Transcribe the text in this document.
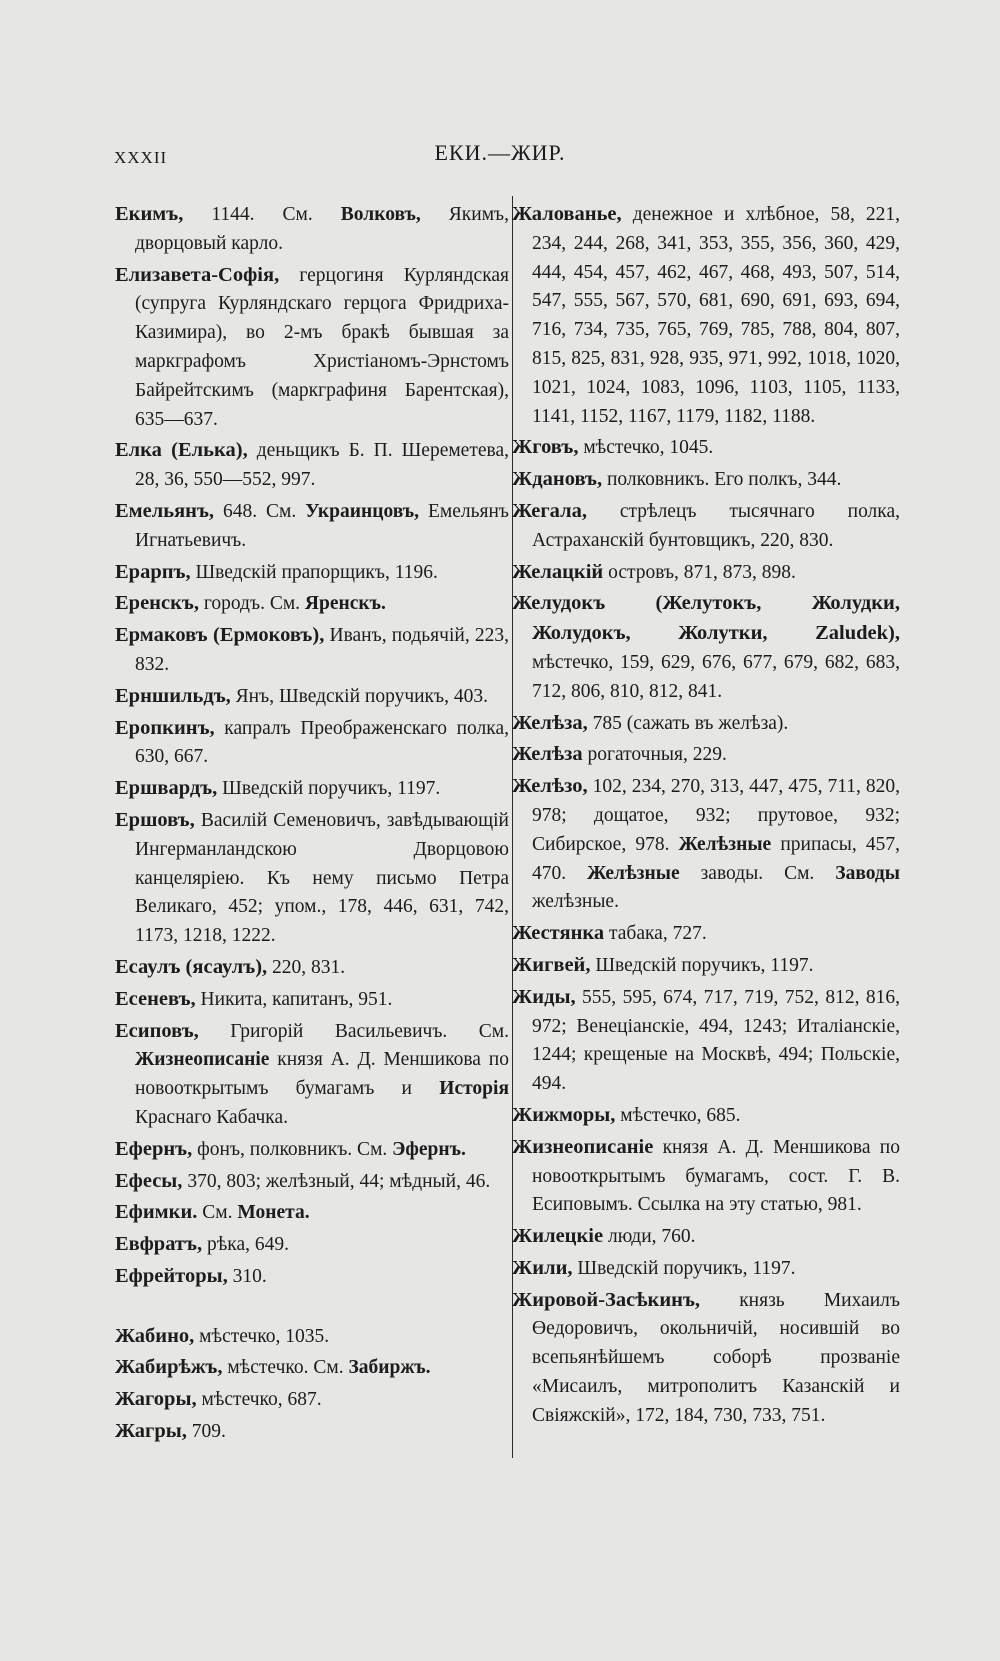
XXXII	ЕКИ.—ЖИР.

Екимъ, 1144. См. Волковъ, Якимъ, дворцовый карло.

Елизавета-Софія, герцогиня Курляндская (супруга Курляндскаго герцога Фридриха-Казимира), во 2-мъ бракѣ бывшая за маркграфомъ Христіаномъ-Эрнстомъ Байрейтскимъ (маркграфиня Барентская), 635—637.

Елка (Елька), деньщикъ Б. П. Шереметева, 28, 36, 550—552, 997.

Емельянъ, 648. См. Украинцовъ, Емельянъ Игнатьевичъ.

Ерарпъ, Шведскій прапорщикъ, 1196.

Еренскъ, городъ. См. Яренскъ.

Ермаковъ (Ермоковъ), Иванъ, подьячій, 223, 832.

Ерншильдъ, Янъ, Шведскій поручикъ, 403.

Еропкинъ, капралъ Преображенскаго полка, 630, 667.

Ершвардъ, Шведскій поручикъ, 1197.

Ершовъ, Василій Семеновичъ, завѣдывающій Ингерманландскою Дворцовою канцеляріею. Къ нему письмо Петра Великаго, 452; упом., 178, 446, 631, 742, 1173, 1218, 1222.

Есаулъ (ясаулъ), 220, 831.

Есеневъ, Никита, капитанъ, 951.

Есиповъ, Григорій Васильевичъ. См. Жизнеописаніе князя А. Д. Меншикова по новооткрытымъ бумагамъ и Исторія Краснаго Кабачка.

Ефернъ, фонъ, полковникъ. См. Эфернъ.

Ефесы, 370, 803; желѣзный, 44; мѣдный, 46.

Ефимки. См. Монета.

Евфратъ, рѣка, 649.

Ефрейторы, 310.

Жабино, мѣстечко, 1035.

Жабирѣжъ, мѣстечко. См. Забиржъ.

Жагоры, мѣстечко, 687.

Жагры, 709.

Жалованье, денежное и хлѣбное, 58, 221, 234, 244, 268, 341, 353, 355, 356, 360, 429, 444, 454, 457, 462, 467, 468, 493, 507, 514, 547, 555, 567, 570, 681, 690, 691, 693, 694, 716, 734, 735, 765, 769, 785, 788, 804, 807, 815, 825, 831, 928, 935, 971, 992, 1018, 1020, 1021, 1024, 1083, 1096, 1103, 1105, 1133, 1141, 1152, 1167, 1179, 1182, 1188.

Жговъ, мѣстечко, 1045.

Ждановъ, полковникъ. Его полкъ, 344.

Жегала, стрѣлецъ тысячнаго полка, Астраханскій бунтовщикъ, 220, 830.

Желацкій островъ, 871, 873, 898.

Желудокъ (Желутокъ, Жолудки, Жолудокъ, Жолутки, Zaludek), мѣстечко, 159, 629, 676, 677, 679, 682, 683, 712, 806, 810, 812, 841.

Желѣза, 785 (сажать въ желѣза).

Желѣза рогаточныя, 229.

Желѣзо, 102, 234, 270, 313, 447, 475, 711, 820, 978; дощатое, 932; прутовое, 932; Сибирское, 978. Желѣзные припасы, 457, 470. Желѣзные заводы. См. Заводы желѣзные.

Жестянка табака, 727.

Жигвей, Шведскій поручикъ, 1197.

Жиды, 555, 595, 674, 717, 719, 752, 812, 816, 972; Венеціанскіе, 494, 1243; Италіанскіе, 1244; крещеные на Москвѣ, 494; Польскіе, 494.

Жижморы, мѣстечко, 685.

Жизнеописаніе князя А. Д. Меншикова по новооткрытымъ бумагамъ, сост. Г. В. Есиповымъ. Ссылка на эту статью, 981.

Жилецкіе люди, 760.

Жили, Шведскій поручикъ, 1197.

Жировой-Засѣкинъ, князь Михаилъ Өедоровичъ, окольничій, носившій во всепьянѣйшемъ соборѣ прозваніе «Мисаилъ, митрополитъ Казанскій и Свіяжскій», 172, 184, 730, 733, 751.
